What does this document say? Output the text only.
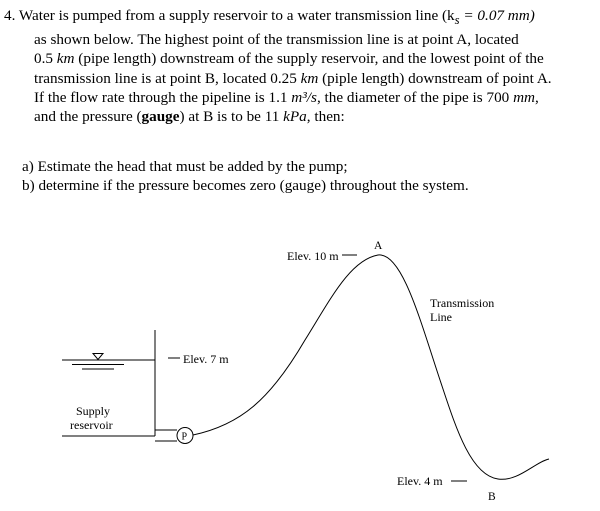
4. Water is pumped from a supply reservoir to a water transmission line ($k_s = 0.07$ mm)
as shown below. The highest point of the transmission line is at point A, located
0.5 km (pipe length) downstream of the supply reservoir, and the lowest point of the
transmission line is at point B, located 0.25 km (piple length) downstream of point A.
If the flow rate through the pipeline is 1.1 m³/s, the diameter of the pipe is 700 mm,
and the pressure (gauge) at B is to be 11 kPa, then:
a) Estimate the head that must be added by the pump;
b) determine if the pressure becomes zero (gauge) throughout the system.
Elev. 10 m
A
Transmission
Line
Elev. 7 m
Supply
reservoir
P
Elev. 4 m
B
